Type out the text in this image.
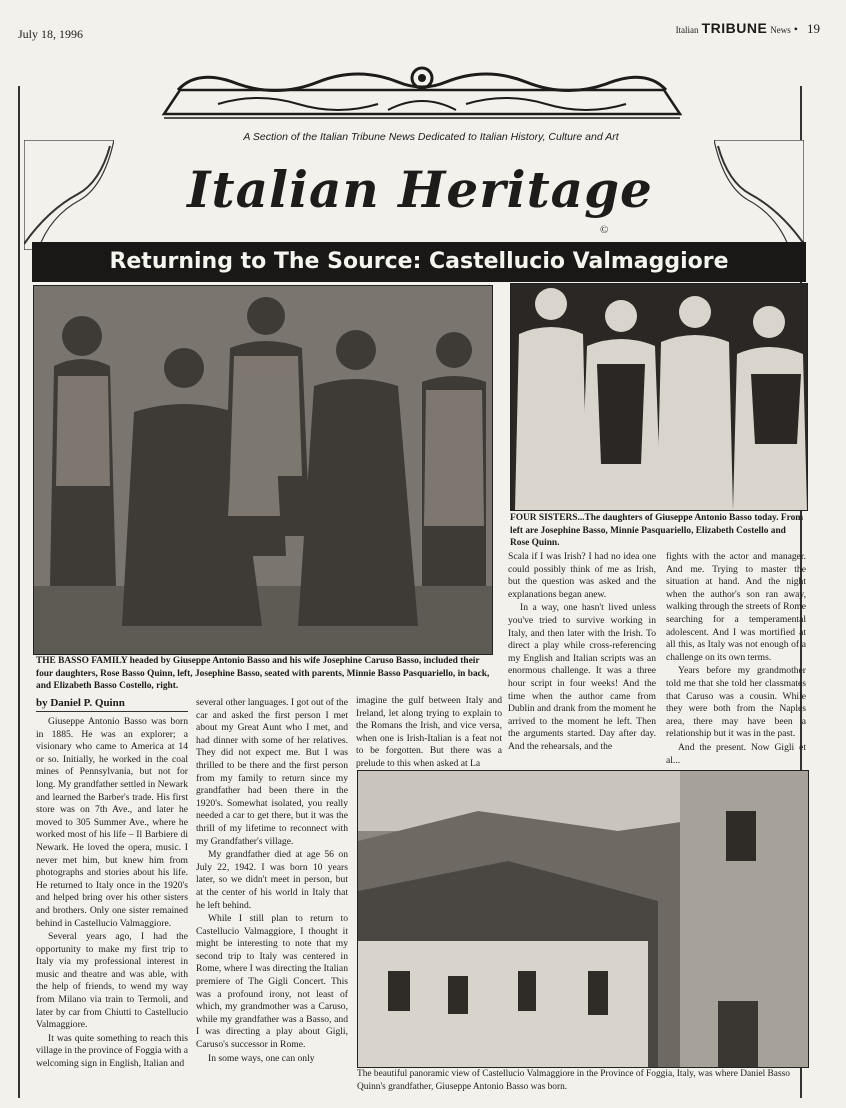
July 18, 1996	Italian TRIBUNE News • 19
A Section of the Italian Tribune News Dedicated to Italian History, Culture and Art
Italian Heritage
©
Returning to The Source: Castellucio Valmaggiore
THE BASSO FAMILY headed by Giuseppe Antonio Basso and his wife Josephine Caruso Basso, included their four daughters, Rose Basso Quinn, left, Josephine Basso, seated with parents, Minnie Basso Pasquariello, in back, and Elizabeth Basso Costello, right.
FOUR SISTERS...The daughters of Giuseppe Antonio Basso today. From left are Josephine Basso, Minnie Pasquariello, Elizabeth Costello and Rose Quinn.
The beautiful panoramic view of Castellucio Valmaggiore in the Province of Foggia, Italy, was where Daniel Basso Quinn's grandfather, Giuseppe Antonio Basso was born.
by Daniel P. Quinn

Giuseppe Antonio Basso was born in 1885. He was an explorer; a visionary who came to America at 14 or so. Initially, he worked in the coal mines of Pennsylvania, but not for long. My grandfather settled in Newark and learned the Barber's trade. His first store was on 7th Ave., and later he moved to 305 Summer Ave., where he worked most of his life – Il Barbiere di Newark. He loved the opera, music. I never met him, but knew him from photographs and stories about his life. He returned to Italy once in the 1920's and helped bring over his other sisters and brothers. Only one sister remained behind in Castellucio Valmaggiore.

Several years ago, I had the opportunity to make my first trip to Italy via my professional interest in music and theatre and was able, with the help of friends, to wend my way from Milano via train to Termoli, and later by car from Chiutti to Castellucio Valmaggiore.

It was quite something to reach this village in the province of Foggia with a welcoming sign in English, Italian and

several other languages. I got out of the car and asked the first person I met about my Great Aunt who I met, and had dinner with some of her relatives. They did not expect me. But I was thrilled to be there and the first person from my family to return since my grandfather had been there in the 1920's. Somewhat isolated, you really needed a car to get there, but it was the thrill of my lifetime to reconnect with my Grandfather's village.

My grandfather died at age 56 on July 22, 1942. I was born 10 years later, so we didn't meet in person, but at the center of his world in Italy that he left behind.

While I still plan to return to Castellucio Valmaggiore, I thought it might be interesting to note that my second trip to Italy was centered in Rome, where I was directing the Italian premiere of The Gigli Concert. This was a profound irony, not least of which, my grandmother was a Caruso, while my grandfather was a Basso, and I was directing a play about Gigli, Caruso's successor in Rome.

In some ways, one can only

imagine the gulf between Italy and Ireland, let along trying to explain to the Romans the Irish, and vice versa, when one is Irish-Italian is a feat not to be forgotten. But there was a prelude to this when asked at La

Scala if I was Irish? I had no idea one could possibly think of me as Irish, but the question was asked and the explanations began anew.

In a way, one hasn't lived unless you've tried to survive working in Italy, and then later with the Irish. To direct a play while cross-referencing my English and Italian scripts was an enormous challenge. It was a three hour script in four weeks! And the time when the author came from Dublin and drank from the moment he arrived to the moment he left. Then the arguments started. Day after day. And the rehearsals, and the

fights with the actor and manager. And me. Trying to master the situation at hand. And the night when the author's son ran away, walking through the streets of Rome searching for a temperamental adolescent. And I was mortified at all this, as Italy was not enough of a challenge on its own terms.

Years before my grandmother told me that she told her classmates that Caruso was a cousin. While they were both from the Naples area, there may have been a relationship but it was in the past.

And the present. Now Gigli et al...
